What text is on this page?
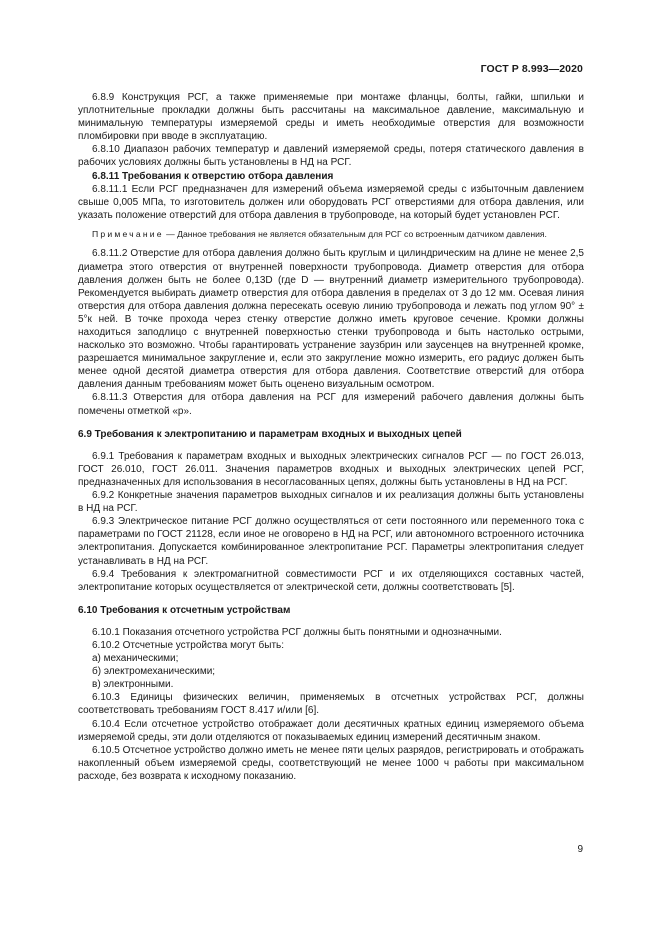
ГОСТ Р 8.993—2020

6.8.9 Конструкция РСГ, а также применяемые при монтаже фланцы, болты, гайки, шпильки и уплотнительные прокладки должны быть рассчитаны на максимальное давление, максимальную и минимальную температуры измеряемой среды и иметь необходимые отверстия для возможности пломбировки при вводе в эксплуатацию.

6.8.10 Диапазон рабочих температур и давлений измеряемой среды, потеря статического давления в рабочих условиях должны быть установлены в НД на РСГ.

6.8.11 Требования к отверстию отбора давления

6.8.11.1 Если РСГ предназначен для измерений объема измеряемой среды с избыточным давлением свыше 0,005 МПа, то изготовитель должен или оборудовать РСГ отверстиями для отбора давления, или указать положение отверстий для отбора давления в трубопроводе, на который будет установлен РСГ.

Примечание — Данное требования не является обязательным для РСГ со встроенным датчиком давления.

6.8.11.2 Отверстие для отбора давления должно быть круглым и цилиндрическим на длине не менее 2,5 диаметра этого отверстия от внутренней поверхности трубопровода. Диаметр отверстия для отбора давления должен быть не более 0,13D (где D — внутренний диаметр измерительного трубопровода). Рекомендуется выбирать диаметр отверстия для отбора давления в пределах от 3 до 12 мм. Осевая линия отверстия для отбора давления должна пересекать осевую линию трубопровода и лежать под углом 90° ± 5°к ней. В точке прохода через стенку отверстие должно иметь круговое сечение. Кромки должны находиться заподлицо с внутренней поверхностью стенки трубопровода и быть настолько острыми, насколько это возможно. Чтобы гарантировать устранение заузбрин или заусенцев на внутренней кромке, разрешается минимальное закругление и, если это закругление можно измерить, его радиус должен быть менее одной десятой диаметра отверстия для отбора давления. Соответствие отверстий для отбора давления данным требованиям может быть оценено визуальным осмотром.

6.8.11.3 Отверстия для отбора давления на РСГ для измерений рабочего давления должны быть помечены отметкой «р».

6.9 Требования к электропитанию и параметрам входных и выходных цепей

6.9.1 Требования к параметрам входных и выходных электрических сигналов РСГ — по ГОСТ 26.013, ГОСТ 26.010, ГОСТ 26.011. Значения параметров входных и выходных электрических цепей РСГ, предназначенных для использования в несогласованных цепях, должны быть установлены в НД на РСГ.

6.9.2 Конкретные значения параметров выходных сигналов и их реализация должны быть установлены в НД на РСГ.

6.9.3 Электрическое питание РСГ должно осуществляться от сети постоянного или переменного тока с параметрами по ГОСТ 21128, если иное не оговорено в НД на РСГ, или автономного встроенного источника электропитания. Допускается комбинированное электропитание РСГ. Параметры электропитания следует устанавливать в НД на РСГ.

6.9.4 Требования к электромагнитной совместимости РСГ и их отделяющихся составных частей, электропитание которых осуществляется от электрической сети, должны соответствовать [5].

6.10 Требования к отсчетным устройствам

6.10.1 Показания отсчетного устройства РСГ должны быть понятными и однозначными.

6.10.2 Отсчетные устройства могут быть:

а) механическими;

б) электромеханическими;

в) электронными.

6.10.3 Единицы физических величин, применяемых в отсчетных устройствах РСГ, должны соответствовать требованиям ГОСТ 8.417 и/или [6].

6.10.4 Если отсчетное устройство отображает доли десятичных кратных единиц измеряемого объема измеряемой среды, эти доли отделяются от показываемых единиц измерений десятичным знаком.

6.10.5 Отсчетное устройство должно иметь не менее пяти целых разрядов, регистрировать и отображать накопленный объем измеряемой среды, соответствующий не менее 1000 ч работы при максимальном расходе, без возврата к исходному показанию.

9
